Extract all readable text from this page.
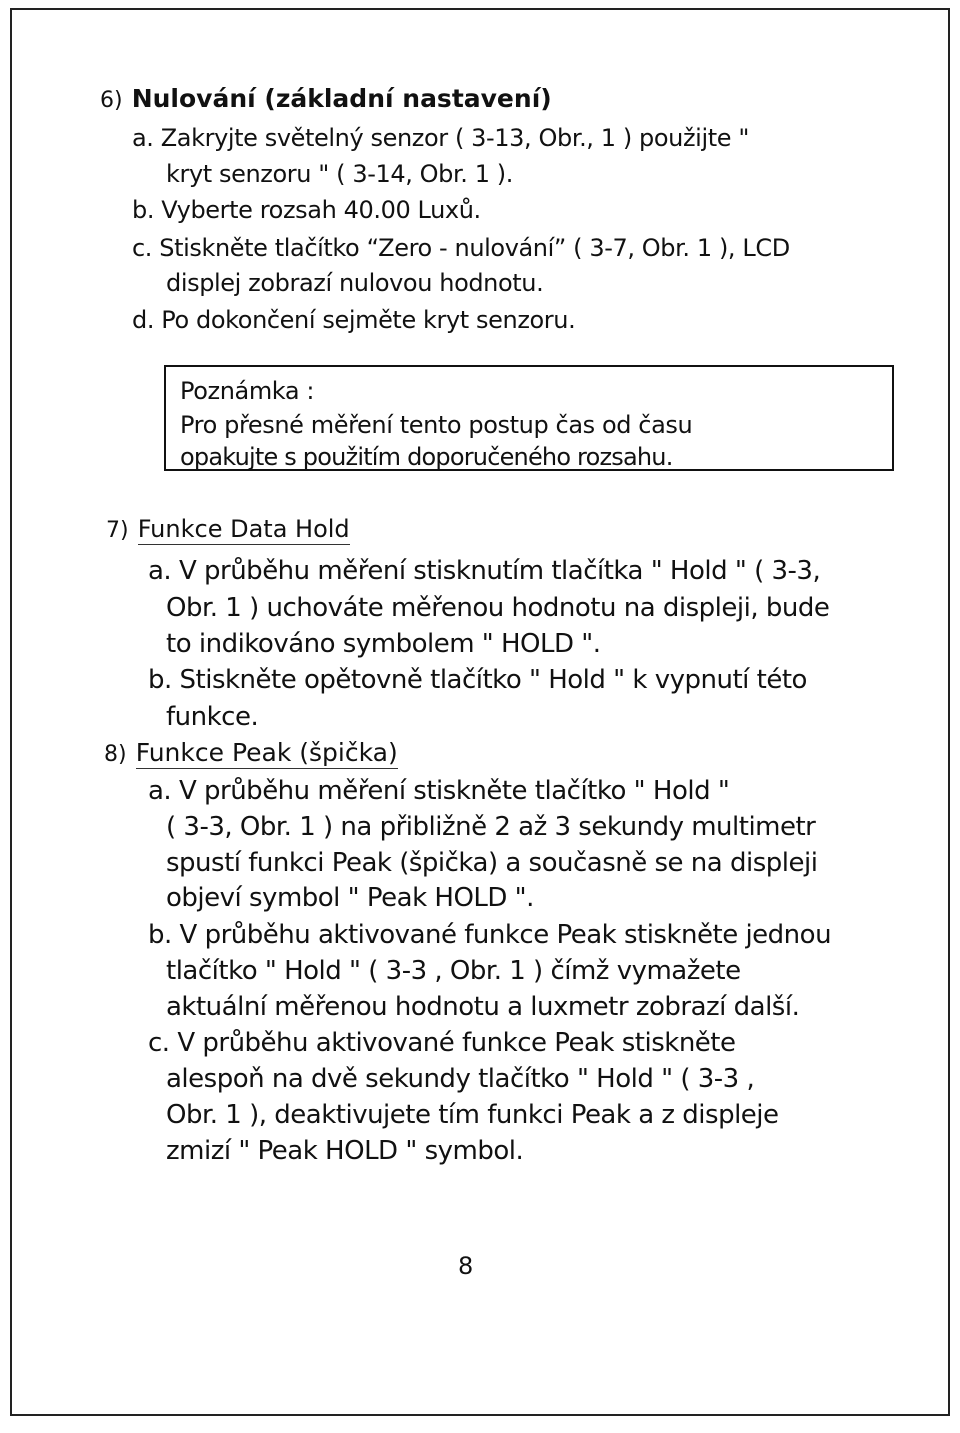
6) Nulování (základní nastavení)
a. Zakryjte světelný senzor ( 3-13, Obr., 1 ) použijte "
kryt senzoru " ( 3-14, Obr. 1 ).
b. Vyberte rozsah 40.00 Luxů.
c. Stiskněte tlačítko “Zero - nulování” ( 3-7, Obr. 1 ), LCD
displej zobrazí nulovou hodnotu.
d. Po dokončení sejměte kryt senzoru.
Poznámka :
Pro přesné měření tento postup čas od času
opakujte s použitím doporučeného rozsahu.
7) Funkce Data Hold
a. V průběhu měření stisknutím tlačítka " Hold " ( 3-3,
Obr. 1 ) uchováte měřenou hodnotu na displeji, bude
to indikováno symbolem " HOLD ".
b. Stiskněte opětovně tlačítko " Hold " k vypnutí této
funkce.
8) Funkce Peak (špička)
a. V průběhu měření stiskněte tlačítko " Hold "
( 3-3, Obr. 1 ) na přibližně 2 až 3 sekundy multimetr
spustí funkci Peak (špička) a současně se na displeji
objeví symbol " Peak HOLD ".
b. V průběhu aktivované funkce Peak stiskněte jednou
tlačítko " Hold " ( 3-3 , Obr. 1 ) čímž vymažete
aktuální měřenou hodnotu a luxmetr zobrazí další.
c. V průběhu aktivované funkce Peak stiskněte
alespoň na dvě sekundy tlačítko " Hold " ( 3-3 ,
Obr. 1 ), deaktivujete tím funkci Peak a z displeje
zmizí " Peak HOLD " symbol.
8
